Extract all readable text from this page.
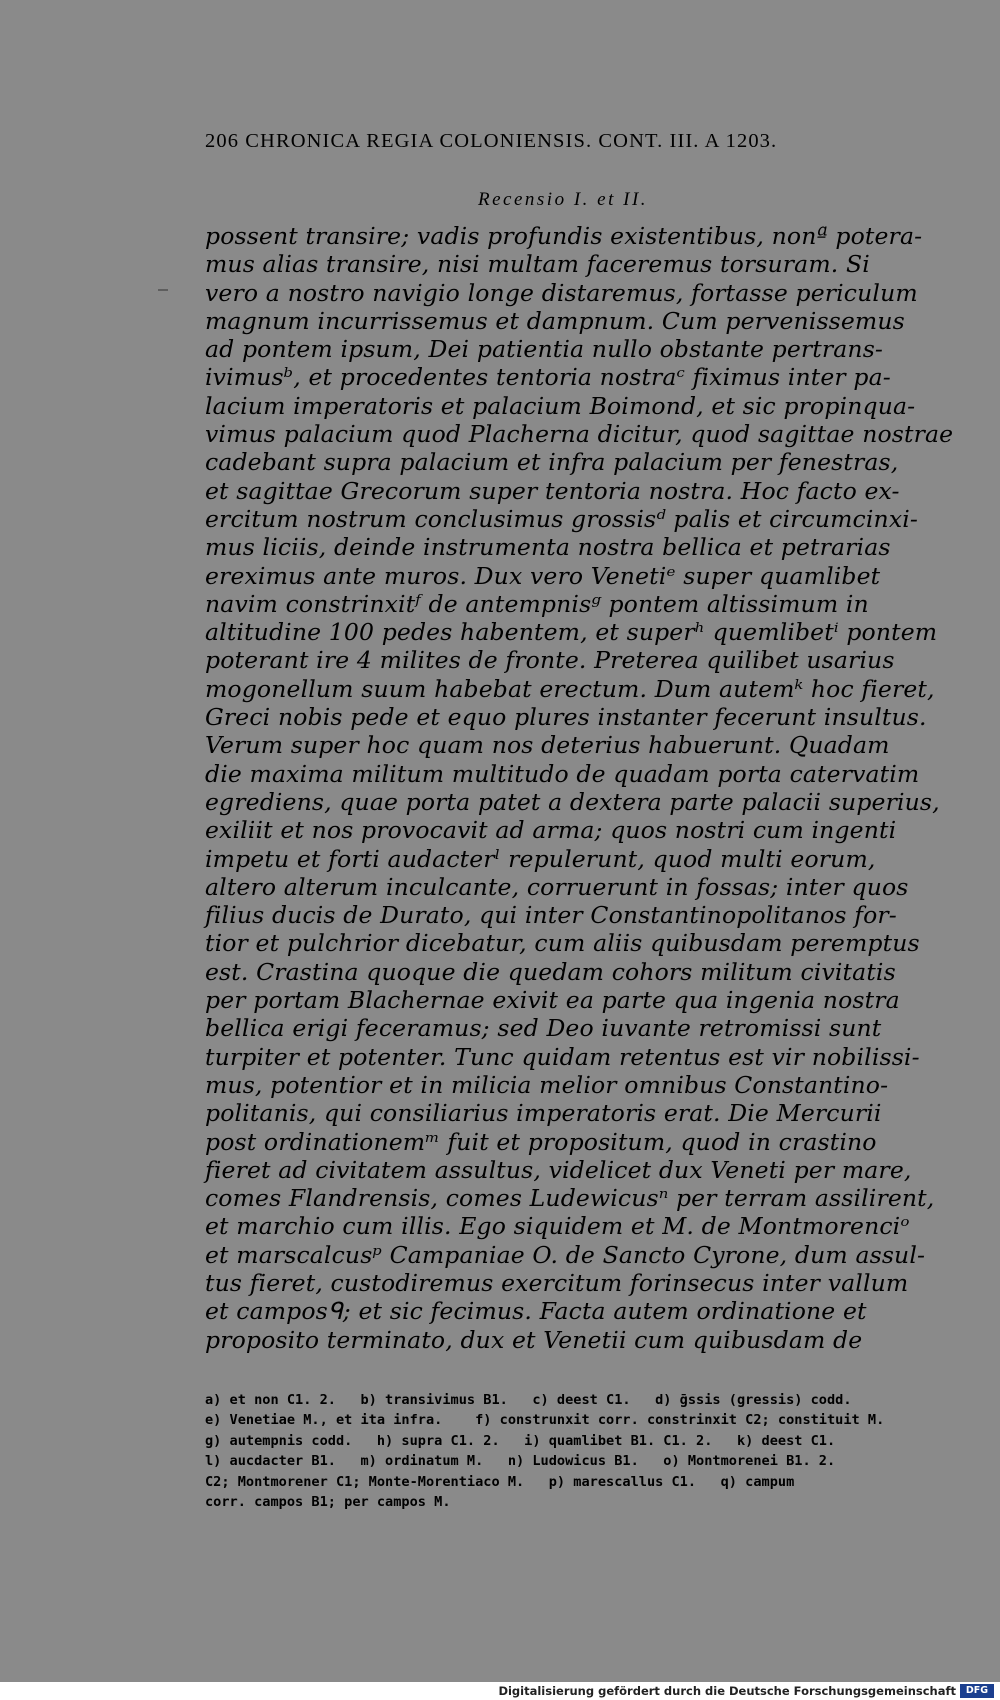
206 CHRONICA REGIA COLONIENSIS. CONT. III. A 1203.
Recensio I. et II.
possent transire; vadis profundis existentibus, nonª potera-
mus alias transire, nisi multam faceremus torsuram. Si
vero a nostro navigio longe distaremus, fortasse periculum
magnum incurrissemus et dampnum. Cum pervenissemus
ad pontem ipsum, Dei patientia nullo obstante pertrans-
ivimusᵇ, et procedentes tentoria nostraᶜ fiximus inter pa-
lacium imperatoris et palacium Boimond, et sic propinqua-
vimus palacium quod Placherna dicitur, quod sagittae nostrae
cadebant supra palacium et infra palacium per fenestras,
et sagittae Grecorum super tentoria nostra. Hoc facto ex-
ercitum nostrum conclusimus grossisᵈ palis et circumcinxi-
mus liciis, deinde instrumenta nostra bellica et petrarias
ereximus ante muros. Dux vero Venetiᵉ super quamlibet
navim constrinxitᶠ de antempnisᵍ pontem altissimum in
altitudine 100 pedes habentem, et superʰ quemlibetⁱ pontem
poterant ire 4 milites de fronte. Preterea quilibet usarius
mogonellum suum habebat erectum. Dum autemᵏ hoc fieret,
Greci nobis pede et equo plures instanter fecerunt insultus.
Verum super hoc quam nos deterius habuerunt. Quadam
die maxima militum multitudo de quadam porta catervatim
egrediens, quae porta patet a dextera parte palacii superius,
exiliit et nos provocavit ad arma; quos nostri cum ingenti
impetu et forti audacterˡ repulerunt, quod multi eorum,
altero alterum inculcante, corruerunt in fossas; inter quos
filius ducis de Durato, qui inter Constantinopolitanos for-
tior et pulchrior dicebatur, cum aliis quibusdam peremptus
est. Crastina quoque die quedam cohors militum civitatis
per portam Blachernae exivit ea parte qua ingenia nostra
bellica erigi feceramus; sed Deo iuvante retromissi sunt
turpiter et potenter. Tunc quidam retentus est vir nobilissi-
mus, potentior et in milicia melior omnibus Constantino-
politanis, qui consiliarius imperatoris erat. Die Mercurii
post ordinationemᵐ fuit et propositum, quod in crastino
fieret ad civitatem assultus, videlicet dux Veneti per mare,
comes Flandrensis, comes Ludewicusⁿ per terram assilirent,
et marchio cum illis. Ego siquidem et M. de Montmorenciᵒ
et marscalcusᵖ Campaniae O. de Sancto Cyrone, dum assul-
tus fieret, custodiremus exercitum forinsecus inter vallum
et camposᑫ; et sic fecimus. Facta autem ordinatione et
proposito terminato, dux et Venetii cum quibusdam de
a) et non C1. 2.   b) transivimus B1.   c) deest C1.   d) ḡssis (gressis) codd.
e) Venetiae M., et ita infra.    f) construnxit corr. constrinxit C2; constituit M.
g) autempnis codd.   h) supra C1. 2.   i) quamlibet B1. C1. 2.   k) deest C1.
l) aucdacter B1.   m) ordinatum M.   n) Ludowicus B1.   o) Montmorenei B1. 2.
C2; Montmorener C1; Monte-Morentiaco M.   p) marescallus C1.   q) campum
corr. campos B1; per campos M.
Digitalisierung gefördert durch die Deutsche Forschungsgemeinschaft	DFG
